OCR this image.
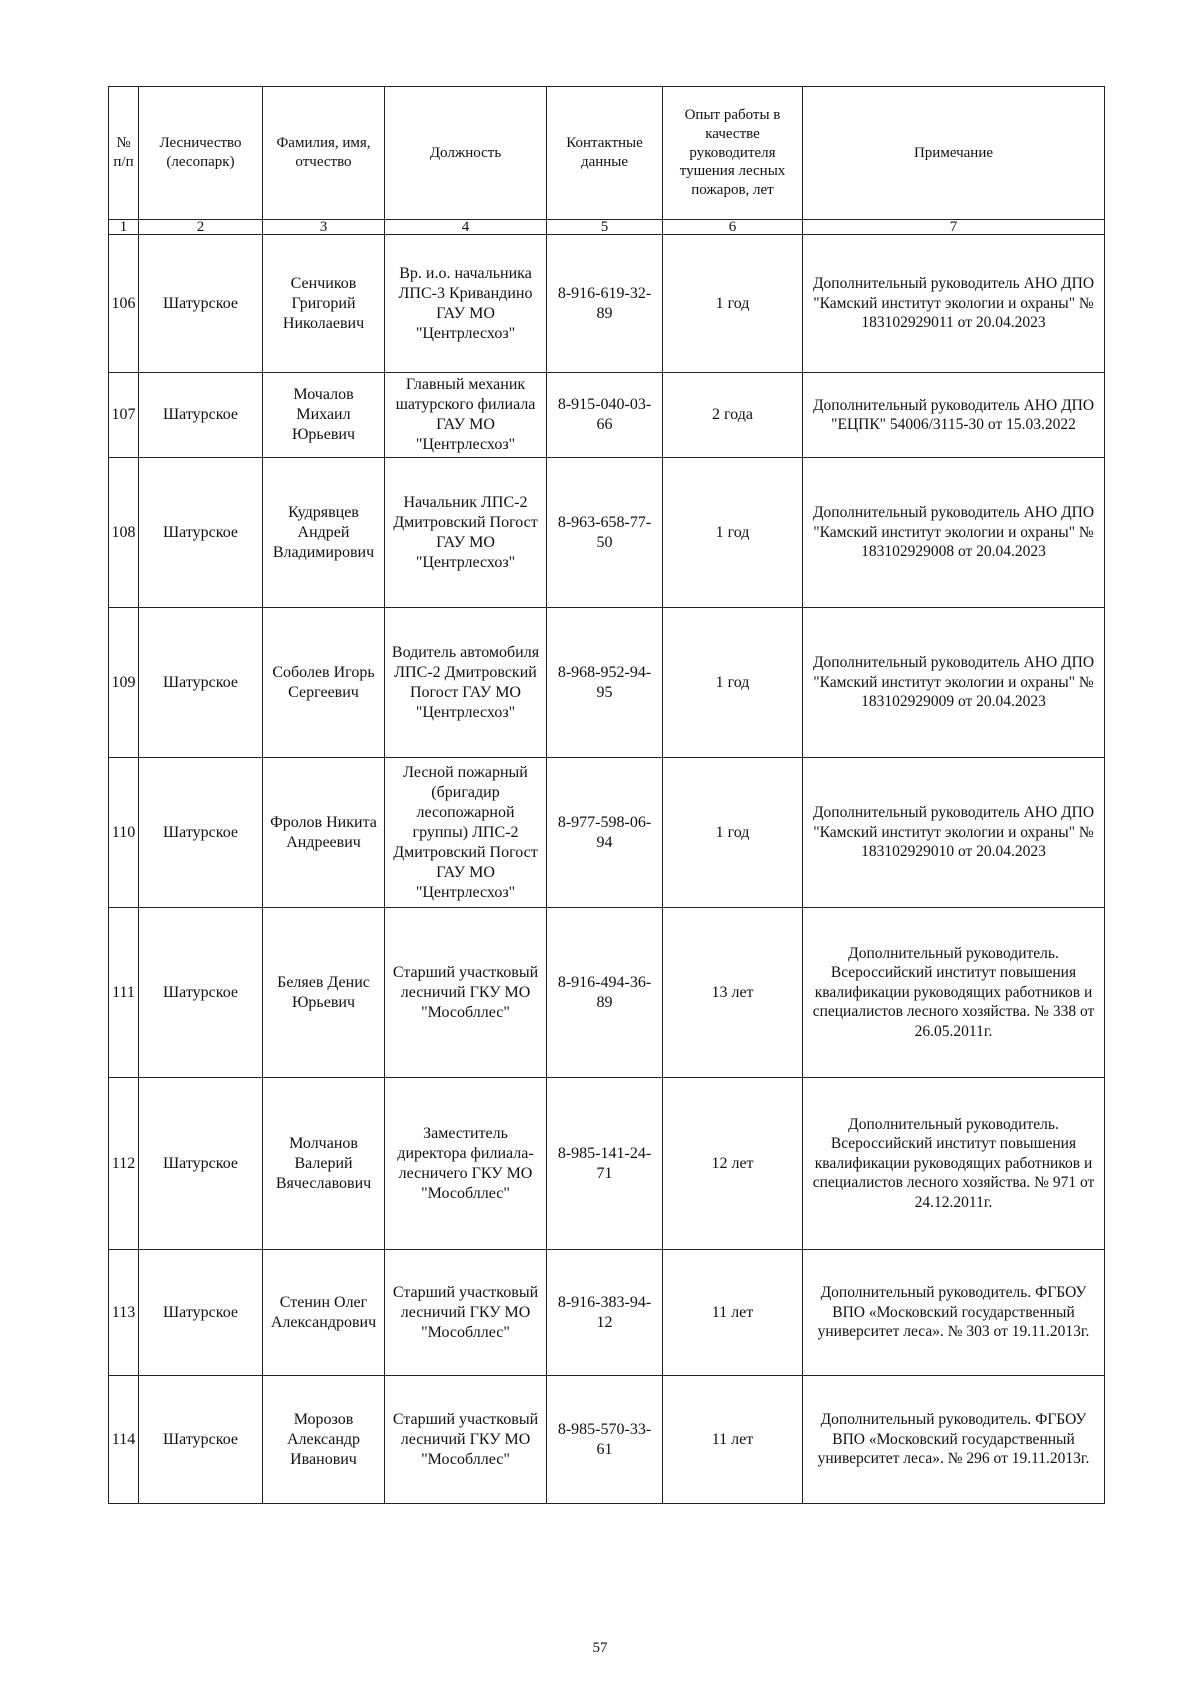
№ п/п	Лесничество (лесопарк)	Фамилия, имя, отчество	Должность	Контактные данные	Опыт работы в качестве руководителя тушения лесных пожаров, лет	Примечание
1	2	3	4	5	6	7
106	Шатурское	Сенчиков Григорий Николаевич	Вр. и.о. начальника ЛПС-3 Кривандино ГАУ МО "Центрлесхоз"	8-916-619-32-89	1 год	Дополнительный руководитель АНО ДПО "Камский институт экологии и охраны" № 183102929011 от 20.04.2023
107	Шатурское	Мочалов Михаил Юрьевич	Главный механик шатурского филиала ГАУ МО "Центрлесхоз"	8-915-040-03-66	2 года	Дополнительный руководитель АНО ДПО "ЕЦПК" 54006/3115-30 от 15.03.2022
108	Шатурское	Кудрявцев Андрей Владимирович	Начальник ЛПС-2 Дмитровский Погост ГАУ МО "Центрлесхоз"	8-963-658-77-50	1 год	Дополнительный руководитель АНО ДПО "Камский институт экологии и охраны" № 183102929008 от 20.04.2023
109	Шатурское	Соболев Игорь Сергеевич	Водитель автомобиля ЛПС-2 Дмитровский Погост ГАУ МО "Центрлесхоз"	8-968-952-94-95	1 год	Дополнительный руководитель АНО ДПО "Камский институт экологии и охраны" № 183102929009 от 20.04.2023
110	Шатурское	Фролов Никита Андреевич	Лесной пожарный (бригадир лесопожарной группы) ЛПС-2 Дмитровский Погост ГАУ МО "Центрлесхоз"	8-977-598-06-94	1 год	Дополнительный руководитель АНО ДПО "Камский институт экологии и охраны" № 183102929010 от 20.04.2023
111	Шатурское	Беляев Денис Юрьевич	Старший участковый лесничий ГКУ МО "Мособллес"	8-916-494-36-89	13 лет	Дополнительный руководитель. Всероссийский институт повышения квалификации руководящих работников и специалистов лесного хозяйства. № 338 от 26.05.2011г.
112	Шатурское	Молчанов Валерий Вячеславович	Заместитель директора филиала-лесничего ГКУ МО "Мособллес"	8-985-141-24-71	12 лет	Дополнительный руководитель. Всероссийский институт повышения квалификации руководящих работников и специалистов лесного хозяйства. № 971 от 24.12.2011г.
113	Шатурское	Стенин Олег Александрович	Старший участковый лесничий ГКУ МО "Мособллес"	8-916-383-94-12	11 лет	Дополнительный руководитель. ФГБОУ ВПО «Московский государственный университет леса». № 303 от 19.11.2013г.
114	Шатурское	Морозов Александр Иванович	Старший участковый лесничий ГКУ МО "Мособллес"	8-985-570-33-61	11 лет	Дополнительный руководитель. ФГБОУ ВПО «Московский государственный университет леса». № 296 от 19.11.2013г.
57
